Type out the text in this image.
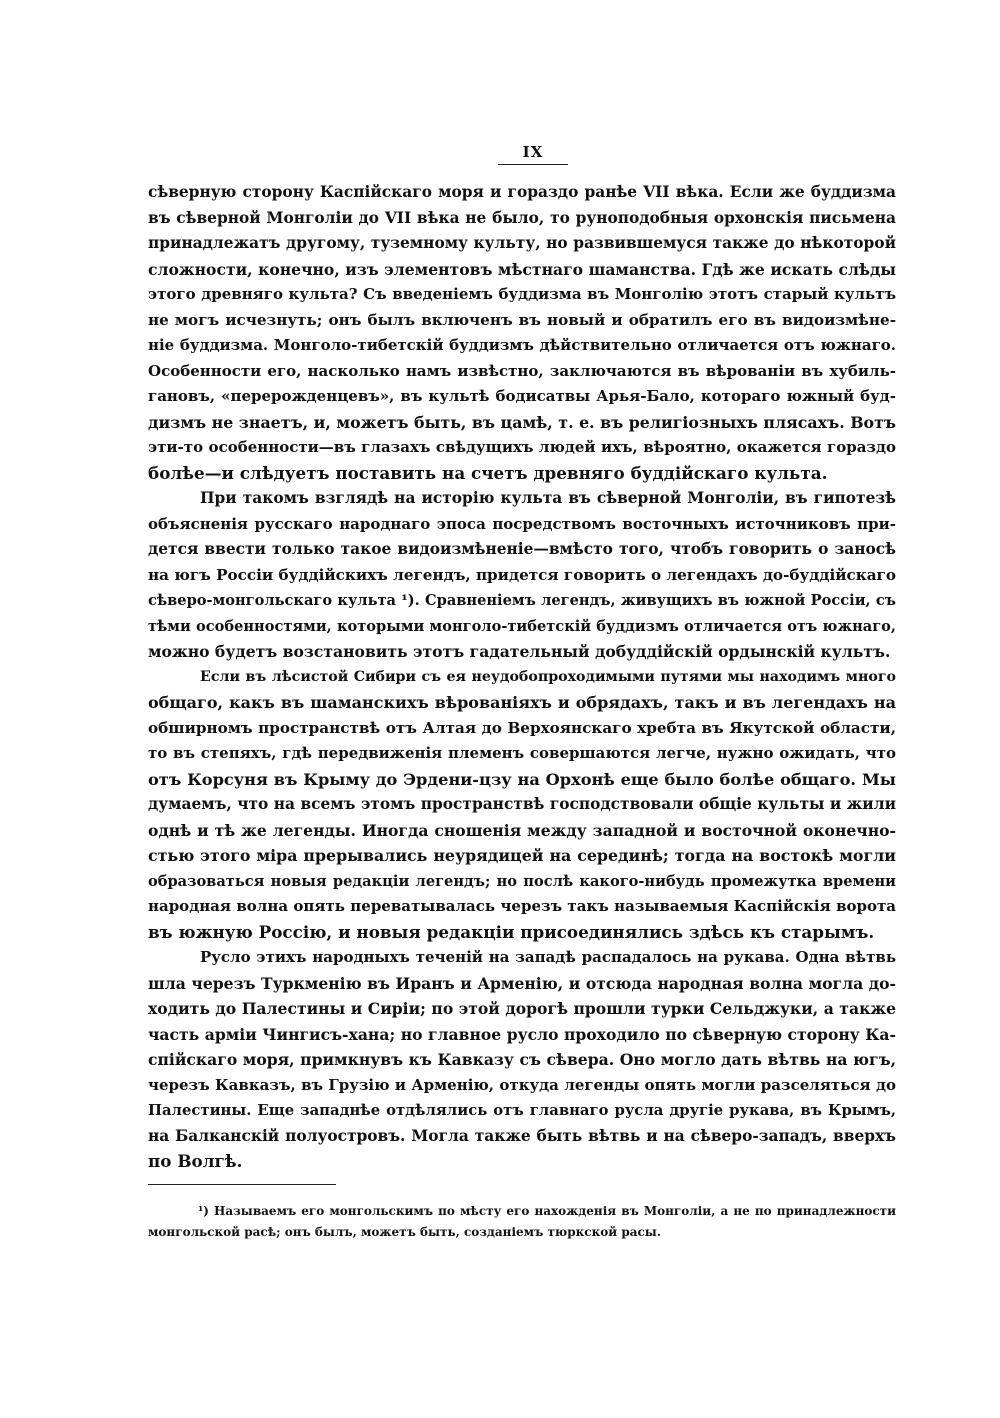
IX
сѣверную сторону Каспійскаго моря и гораздо ранѣе VII вѣка. Если же буддизма
въ сѣверной Монголіи до VII вѣка не было, то руноподобныя орхонскія письмена
принадлежатъ другому, туземному культу, но развившемуся также до нѣкоторой
сложности, конечно, изъ элементовъ мѣстнаго шаманства. Гдѣ же искать слѣды
этого древняго культа? Съ введеніемъ буддизма въ Монголію этотъ старый культъ
не могъ исчезнуть; онъ былъ включенъ въ новый и обратилъ его въ видоизмѣне-
ніе буддизма. Монголо-тибетскій буддизмъ дѣйствительно отличается отъ южнаго.
Особенности его, насколько намъ извѣстно, заключаются въ вѣрованіи въ хубиль-
гановъ, «перерожденцевъ», въ культѣ бодисатвы Арья-Бало, котораго южный буд-
дизмъ не знаетъ, и, можетъ быть, въ цамѣ, т. е. въ религіозныхъ плясахъ. Вотъ
эти-то особенности—въ глазахъ свѣдущихъ людей ихъ, вѣроятно, окажется гораздо
болѣе—и слѣдуетъ поставить на счетъ древняго буддійскаго культа.
При такомъ взглядѣ на исторію культа въ сѣверной Монголіи, въ гипотезѣ
объясненія русскаго народнаго эпоса посредствомъ восточныхъ источниковъ при-
дется ввести только такое видоизмѣненіе—вмѣсто того, чтобъ говорить о заносѣ
на югъ Россіи буддійскихъ легендъ, придется говорить о легендахъ до-буддійскаго
сѣверо-монгольскаго культа ¹). Сравненіемъ легендъ, живущихъ въ южной Россіи, съ
тѣми особенностями, которыми монголо-тибетскій буддизмъ отличается отъ южнаго,
можно будетъ возстановить этотъ гадательный добуддійскій ордынскій культъ.
Если въ лѣсистой Сибири съ ея неудобопроходимыми путями мы находимъ много
общаго, какъ въ шаманскихъ вѣрованіяхъ и обрядахъ, такъ и въ легендахъ на
обширномъ пространствѣ отъ Алтая до Верхоянскаго хребта въ Якутской области,
то въ степяхъ, гдѣ передвиженія племенъ совершаются легче, нужно ожидать, что
отъ Корсуня въ Крыму до Эрдени-цзу на Орхонѣ еще было болѣе общаго. Мы
думаемъ, что на всемъ этомъ пространствѣ господствовали общіе культы и жили
однѣ и тѣ же легенды. Иногда сношенія между западной и восточной оконечно-
стью этого міра прерывались неурядицей на серединѣ; тогда на востокѣ могли
образоваться новыя редакціи легендъ; но послѣ какого-нибудь промежутка времени
народная волна опять переватывалась черезъ такъ называемыя Каспійскія ворота
въ южную Россію, и новыя редакціи присоединялись здѣсь къ старымъ.
Русло этихъ народныхъ теченій на западѣ распадалось на рукава. Одна вѣтвь
шла черезъ Туркменію въ Иранъ и Арменію, и отсюда народная волна могла до-
ходить до Палестины и Сиріи; по этой дорогѣ прошли турки Сельджуки, а также
часть арміи Чингисъ-хана; но главное русло проходило по сѣверную сторону Ка-
спійскаго моря, примкнувъ къ Кавказу съ сѣвера. Оно могло дать вѣтвь на югъ,
черезъ Кавказъ, въ Грузію и Арменію, откуда легенды опять могли разселяться до
Палестины. Еще западнѣе отдѣлялись отъ главнаго русла другіе рукава, въ Крымъ,
на Балканскій полуостровъ. Могла также быть вѣтвь и на сѣверо-западъ, вверхъ
по Волгѣ.
¹) Называемъ его монгольскимъ по мѣсту его нахожденія въ Монголіи, а не по принадлежности
монгольской расѣ; онъ былъ, можетъ быть, созданіемъ тюркской расы.
